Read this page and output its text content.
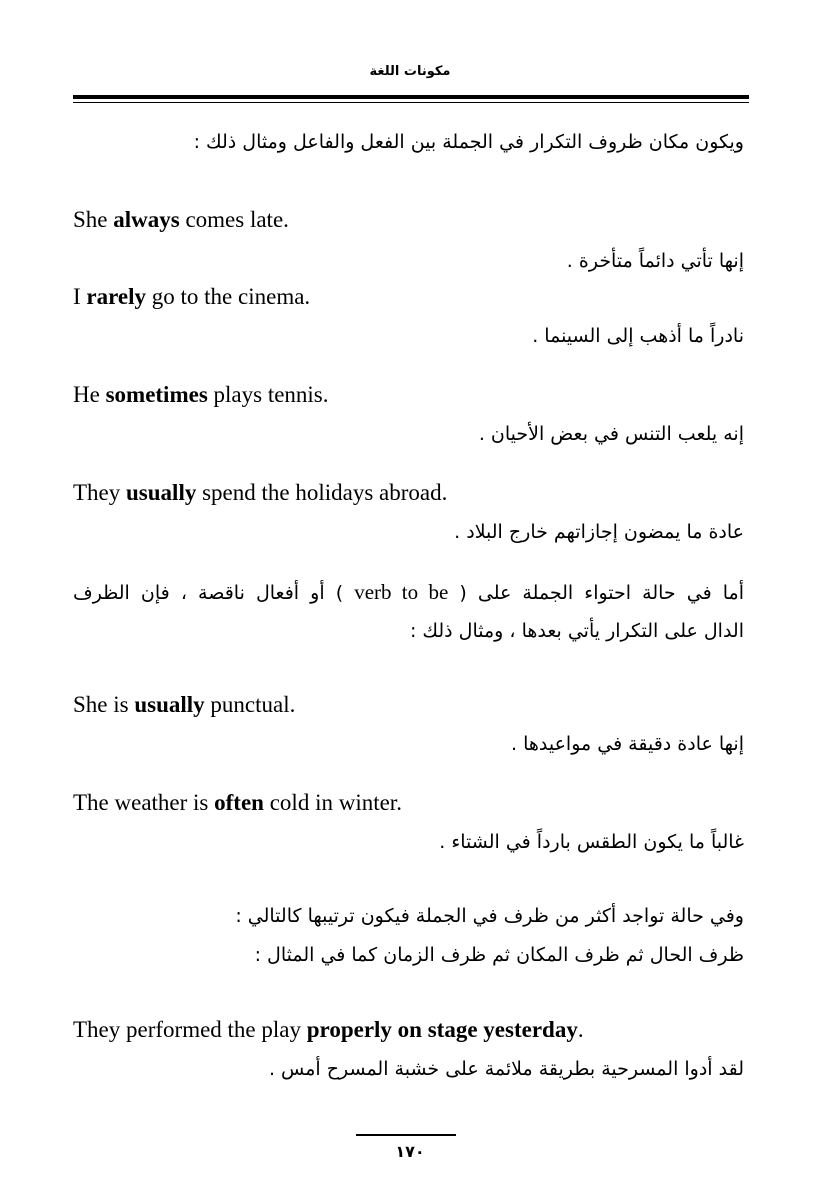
مكونات اللغة
ويكون مكان ظروف التكرار في الجملة بين الفعل والفاعل ومثال ذلك :
She always comes late.
إنها تأتي دائماً متأخرة .
I rarely go to the cinema.
نادراً ما أذهب إلى السينما .
He sometimes plays tennis.
إنه يلعب التنس في بعض الأحيان .
They usually spend the holidays abroad.
عادة ما يمضون إجازاتهم خارج البلاد .
أما في حالة احتواء الجملة على ( verb to be ) أو أفعال ناقصة ، فإن الظرف
الدال على التكرار يأتي بعدها ، ومثال ذلك :
She is usually punctual.
إنها عادة دقيقة في مواعيدها .
The weather is often cold in winter.
غالباً ما يكون الطقس بارداً في الشتاء .
وفي حالة تواجد أكثر من ظرف في الجملة فيكون ترتيبها كالتالي :
ظرف الحال ثم ظرف المكان ثم ظرف الزمان كما في المثال :
They performed the play properly on stage yesterday.
لقد أدوا المسرحية بطريقة ملائمة على خشبة المسرح أمس .
١٧٠
